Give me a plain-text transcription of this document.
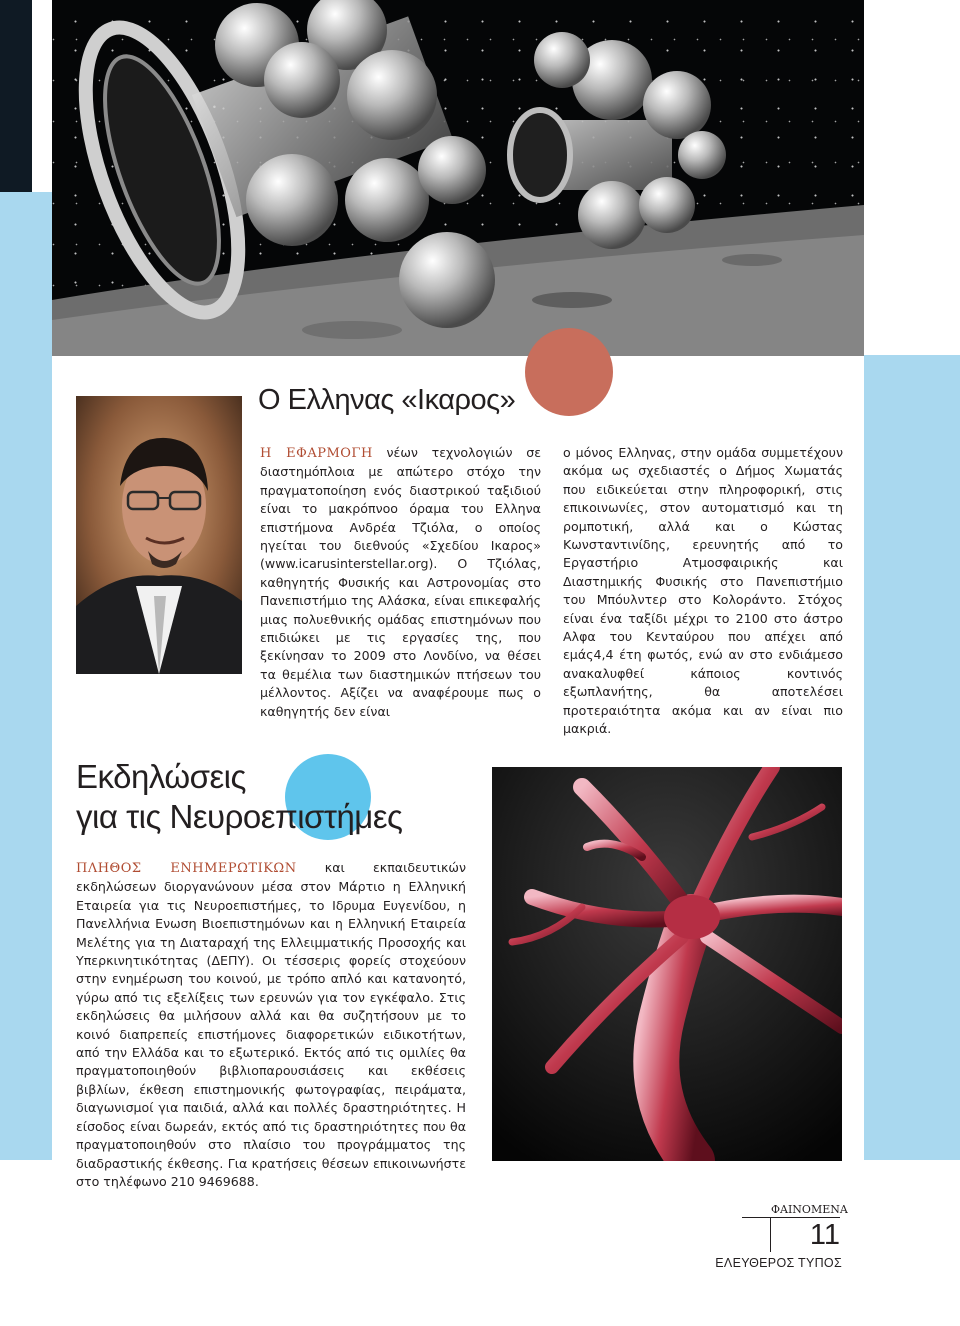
Ο Ελληνας «Ικαρος»

Η ΕΦΑΡΜΟΓΗ νέων τεχνολογιών σε διαστημόπλοια με απώτερο στόχο την πραγματοποίηση ενός διαστρικού ταξιδιού είναι το μακρόπνοο όραμα του Ελληνα επιστήμονα Ανδρέα Τζιόλα, ο οποίος ηγείται του διεθνούς «Σχεδίου Ικαρος» (www.icarusinterstellar.org). Ο Τζιόλας, καθηγητής Φυσικής και Αστρονομίας στο Πανεπιστήμιο της Αλάσκα, είναι επικεφαλής μιας πολυεθνικής ομάδας επιστημόνων που επιδιώκει με τις εργασίες της, που ξεκίνησαν το 2009 στο Λονδίνο, να θέσει τα θεμέλια των διαστημικών πτήσεων του μέλλοντος. Αξίζει να αναφέρουμε πως ο καθηγητής δεν είναι

ο μόνος Ελληνας, στην ομάδα συμμετέχουν ακόμα ως σχεδιαστές ο Δήμος Χωματάς που ειδικεύεται στην πληροφορική, στις επικοινωνίες, στον αυτοματισμό και τη ρομποτική, αλλά και ο Κώστας Κωνσταντινίδης, ερευνητής από το Εργαστήριο Ατμοσφαιρικής και Διαστημικής Φυσικής στο Πανεπιστήμιο του Μπόυλντερ στο Κολοράντο. Στόχος είναι ένα ταξίδι μέχρι το 2100 στο άστρο Αλφα του Κενταύρου που απέχει από εμάς4,4 έτη φωτός, ενώ αν στο ενδιάμεσο ανακαλυφθεί κάποιος κοντινός εξωπλανήτης, θα αποτελέσει προτεραιότητα ακόμα και αν είναι πιο μακριά.

Εκδηλώσεις
για τις Νευροεπιστήμες

ΠΛΗΘΟΣ ΕΝΗΜΕΡΩΤΙΚΩΝ και εκπαιδευτικών εκδηλώσεων διοργανώνουν μέσα στον Μάρτιο η Ελληνική Εταιρεία για τις Νευροεπιστήμες, το Ιδρυμα Ευγενίδου, η Πανελλήνια Ενωση Βιοεπιστημόνων και η Ελληνική Εταιρεία Μελέτης για τη Διαταραχή της Ελλειμματικής Προσοχής και Υπερκινητικότητας (ΔΕΠΥ). Οι τέσσερις φορείς στοχεύουν στην ενημέρωση του κοινού, με τρόπο απλό και κατανοητό, γύρω από τις εξελίξεις των ερευνών για τον εγκέφαλο. Στις εκδηλώσεις θα μιλήσουν αλλά και θα συζητήσουν με το κοινό διαπρεπείς επιστήμονες διαφορετικών ειδικοτήτων, από την Ελλάδα και το εξωτερικό. Εκτός από τις ομιλίες θα πραγματοποιηθούν βιβλιοπαρουσιάσεις και εκθέσεις βιβλίων, έκθεση επιστημονικής φωτογραφίας, πειράματα, διαγωνισμοί για παιδιά, αλλά και πολλές δραστηριότητες. Η είσοδος είναι δωρεάν, εκτός από τις δραστηριότητες που θα πραγματοποιηθούν στο πλαίσιο του προγράμματος της διαδραστικής έκθεσης. Για κρατήσεις θέσεων επικοινωνήστε στο τηλέφωνο 210 9469688.

ΦΑΙΝΟΜΕΝΑ

11

ΕΛΕΥΘΕΡΟΣ ΤΥΠΟΣ
